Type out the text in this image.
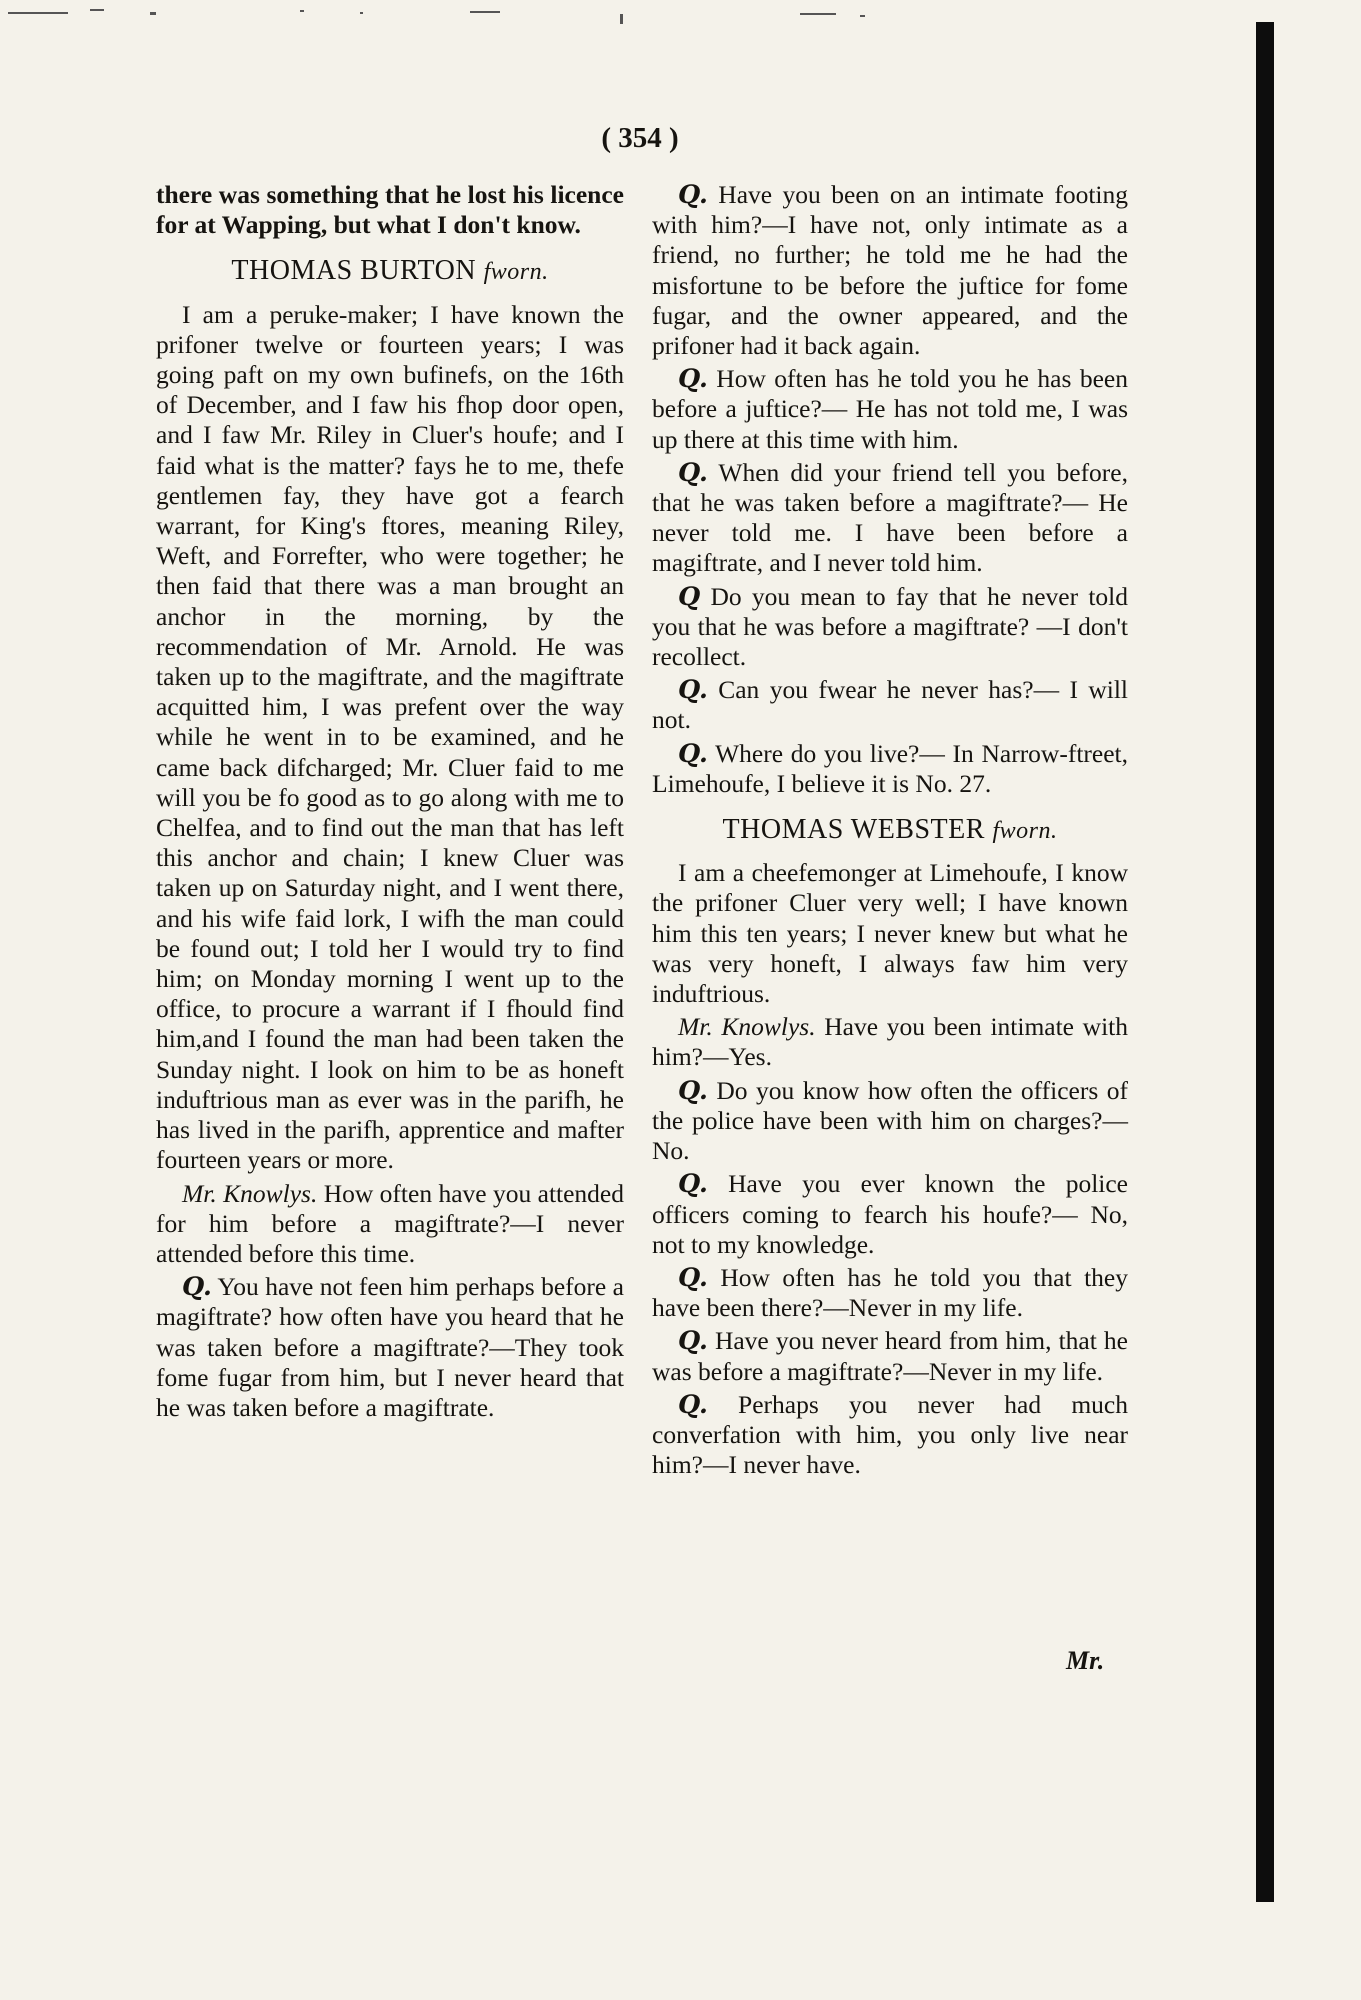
( 354 )

there was something that he lost his licence for at Wapping, but what I don't know.

THOMAS BURTON fworn.

I am a peruke-maker; I have known the prifoner twelve or fourteen years; I was going paft on my own bufinefs, on the 16th of December, and I faw his fhop door open, and I faw Mr. Riley in Cluer's houfe; and I faid what is the matter? fays he to me, thefe gentlemen fay, they have got a fearch warrant, for King's ftores, meaning Riley, Weft, and Forrefter, who were together; he then faid that there was a man brought an anchor in the morning, by the recommendation of Mr. Arnold. He was taken up to the magiftrate, and the magiftrate acquitted him, I was prefent over the way while he went in to be examined, and he came back difcharged; Mr. Cluer faid to me will you be fo good as to go along with me to Chelfea, and to find out the man that has left this anchor and chain; I knew Cluer was taken up on Saturday night, and I went there, and his wife faid lork, I wifh the man could be found out; I told her I would try to find him; on Monday morning I went up to the office, to procure a warrant if I fhould find him,and I found the man had been taken the Sunday night. I look on him to be as honeft induftrious man as ever was in the parifh, he has lived in the parifh, apprentice and mafter fourteen years or more.

Mr. Knowlys. How often have you attended for him before a magiftrate?—I never attended before this time.

Q. You have not feen him perhaps before a magiftrate? how often have you heard that he was taken before a magiftrate?—They took fome fugar from him, but I never heard that he was taken before a magiftrate.

Q. Have you been on an intimate footing with him?—I have not, only intimate as a friend, no further; he told me he had the misfortune to be before the juftice for fome fugar, and the owner appeared, and the prifoner had it back again.

Q. How often has he told you he has been before a juftice?— He has not told me, I was up there at this time with him.

Q. When did your friend tell you before, that he was taken before a magiftrate?— He never told me. I have been before a magiftrate, and I never told him.

Q Do you mean to fay that he never told you that he was before a magiftrate? —I don't recollect.

Q. Can you fwear he never has?— I will not.

Q. Where do you live?— In Narrow-ftreet, Limehoufe, I believe it is No. 27.

THOMAS WEBSTER fworn.

I am a cheefemonger at Limehoufe, I know the prifoner Cluer very well; I have known him this ten years; I never knew but what he was very honeft, I always faw him very induftrious.

Mr. Knowlys. Have you been intimate with him?—Yes.

Q. Do you know how often the officers of the police have been with him on charges?—No.

Q. Have you ever known the police officers coming to fearch his houfe?— No, not to my knowledge.

Q. How often has he told you that they have been there?—Never in my life.

Q. Have you never heard from him, that he was before a magiftrate?—Never in my life.

Q. Perhaps you never had much converfation with him, you only live near him?—I never have.

Mr.
